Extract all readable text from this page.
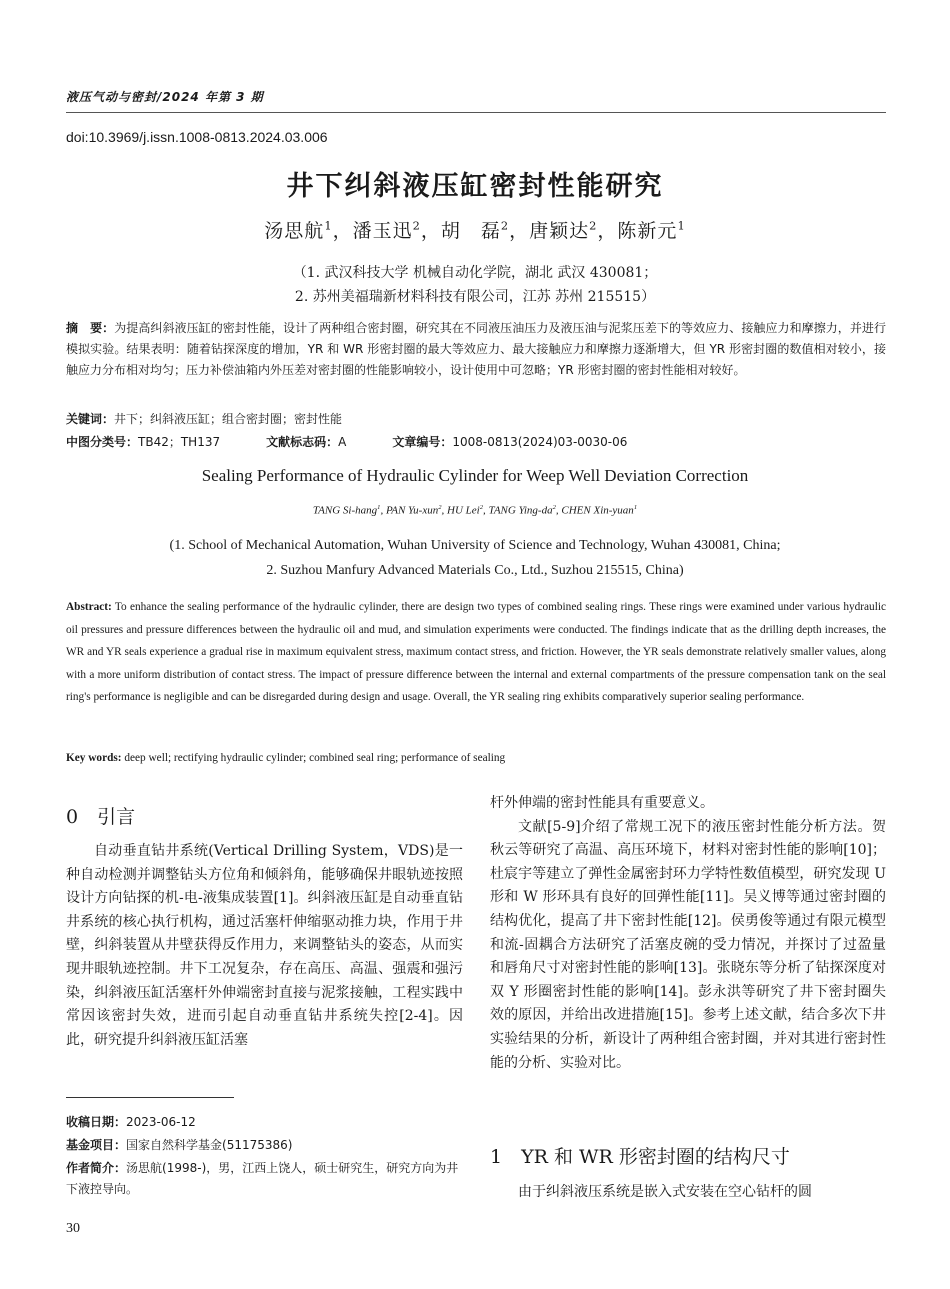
液压气动与密封/2024 年第 3 期
doi:10.3969/j.issn.1008-0813.2024.03.006
井下纠斜液压缸密封性能研究
汤思航$^1$，潘玉迅$^2$，胡　磊$^2$，唐颖达$^2$，陈新元$^1$
（1. 武汉科技大学 机械自动化学院，湖北 武汉 430081；
2. 苏州美福瑞新材料科技有限公司，江苏 苏州 215515）
摘　要：为提高纠斜液压缸的密封性能，设计了两种组合密封圈，研究其在不同液压油压力及液压油与泥浆压差下的等效应力、接触应力和摩擦力，并进行模拟实验。结果表明：随着钻探深度的增加，YR 和 WR 形密封圈的最大等效应力、最大接触应力和摩擦力逐渐增大，但 YR 形密封圈的数值相对较小，接触应力分布相对均匀；压力补偿油箱内外压差对密封圈的性能影响较小，设计使用中可忽略；YR 形密封圈的密封性能相对较好。
关键词：井下；纠斜液压缸；组合密封圈；密封性能
中图分类号：TB42；TH137	文献标志码：A	文章编号：1008-0813(2024)03-0030-06
Sealing Performance of Hydraulic Cylinder for Weep Well Deviation Correction
TANG Si-hang$^1$, PAN Yu-xun$^2$, HU Lei$^2$, TANG Ying-$da^2$, CHEN Xin-yuan$^1$
(1. School of Mechanical Automation, Wuhan University of Science and Technology, Wuhan 430081, China;
2. Suzhou Manfury Advanced Materials Co., Ltd., Suzhou 215515, China)
Abstract: To enhance the sealing performance of the hydraulic cylinder, there are design two types of combined sealing rings. These rings were examined under various hydraulic oil pressures and pressure differences between the hydraulic oil and mud, and simulation experiments were conducted. The findings indicate that as the drilling depth increases, the WR and YR seals experience a gradual rise in maximum equivalent stress, maximum contact stress, and friction. However, the YR seals demonstrate relatively smaller values, along with a more uniform distribution of contact stress. The impact of pressure difference between the internal and external compartments of the pressure compensation tank on the seal ring's performance is negligible and can be disregarded during design and usage. Overall, the YR sealing ring exhibits comparatively superior sealing performance.
Key words: deep well; rectifying hydraulic cylinder; combined seal ring; performance of sealing
0　引言

自动垂直钻井系统(Vertical Drilling System，VDS)是一种自动检测并调整钻头方位角和倾斜角，能够确保井眼轨迹按照设计方向钻探的机-电-液集成装置[1]。纠斜液压缸是自动垂直钻井系统的核心执行机构，通过活塞杆伸缩驱动推力块，作用于井壁，纠斜装置从井壁获得反作用力，来调整钻头的姿态，从而实现井眼轨迹控制。井下工况复杂，存在高压、高温、强震和强污染，纠斜液压缸活塞杆外伸端密封直接与泥浆接触，工程实践中常因该密封失效，进而引起自动垂直钻井系统失控[2-4]。因此，研究提升纠斜液压缸活塞

收稿日期：2023-06-12
基金项目：国家自然科学基金(51175386)
作者简介：汤思航(1998-)，男，江西上饶人，硕士研究生，研究方向为井下液控导向。

杆外伸端的密封性能具有重要意义。

文献[5-9]介绍了常规工况下的液压密封性能分析方法。贺秋云等研究了高温、高压环境下，材料对密封性能的影响[10]；杜宸宇等建立了弹性金属密封环力学特性数值模型，研究发现 U 形和 W 形环具有良好的回弹性能[11]。吴义博等通过密封圈的结构优化，提高了井下密封性能[12]。侯勇俊等通过有限元模型和流-固耦合方法研究了活塞皮碗的受力情况，并探讨了过盈量和唇角尺寸对密封性能的影响[13]。张晓东等分析了钻探深度对双 Y 形圈密封性能的影响[14]。彭永洪等研究了井下密封圈失效的原因，并给出改进措施[15]。参考上述文献，结合多次下井实验结果的分析，新设计了两种组合密封圈，并对其进行密封性能的分析、实验对比。

1　YR 和 WR 形密封圈的结构尺寸

由于纠斜液压系统是嵌入式安装在空心钻杆的圆

30
